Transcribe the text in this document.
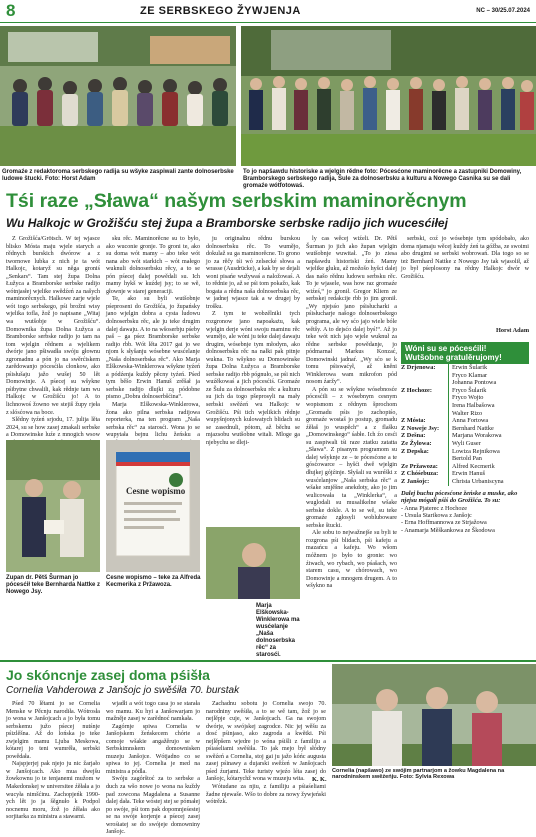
8	ZE SERBSKEGO ŽYWJENJA	NC – 30/25.07.2024
Gromaźe z redaktoroma serbskego radija su wšyke zaspiwali zante dolnoserbske ludowe štucki. Foto: Horst Adam
To jo napšawdu historiske a wjelgin rědne foto: Pócesćone maminorěcne a zastupniki Domowiny, Bramborskego serbskego radija, Šule za dolnoserbsku a kulturu a Nowego Casnika su se dali gromaźe wótfotowaś.
Tśi raze „Sława“ našym serbskim maminorěcnym
Wu Halkojc w Grožišću stej župa a Bramborske serbske radijo jich wucesćiłej

Z Grožišća/Grötsch. W tej wjasce blisko Mósta maju wjele starych a rědnych burskich dwórow a z twornowe lubka z nich je ta wót Halkojc, kotaryž su něga groniś „Senkars“. Tam stej župa Dolna Łužyca a Bramborske serbske radijo wótnjasłej wjelike swědźeń za našych maminorěcnych. Halkowe zarje wjele wót togo serbskego, pśi brožni wisy wjelika tofla, žož jo napisane „Witaj wa wutšobje w Grožišću“. Domownika župa Dolna Łužyca a Bramborske serbske radijo jo tam na tom wjelgin rědnem a wjelikem dwórje jano pšiwadła swóju głownu zgromadnu a pón jo na swěrćiskem zarědowanjo pócesćiła cłonkow, ako pśisłušaju jažo wušej 50 lět Domowinje. A pśecej su wšykne pśibytne chwalili, kak rědnje tam wu Halkojc w Grožišću jo! A to lichnowoś žowno we stejiš župy rjeła z slósćowa na boce.

Slědny tyźeń srjodu, 17. julija lěta 2024, su se how zasej zmakali serbske a Domowinske luźe z mnogich wsow

sku rěc. Maminorěcne su to było, ako wuconie gronje. To groni te, ako su doma wót mamy – abo teke wót nana abo wót starkich – wót małego wuknuli dolnoserbsku rěcy, a to se pón pśecej dalej powědali su. Ich mamy hykš w kuźdej jsy; to se wě, głownje w starej generaciji.

Te, ako su byli wutšobnje pśeproseni do Grožišća, jo župańsky jano wjelgin dobra a cysta ludowu dolnoserbsku rěc, ale ju teke drugim dalej dawaju. A to na wšoserbju pśeby paš – ga pśez Bramborske serbske radijo rbb. Wót lěta 2017 gai jo we njom k słyšanju wósebne wusćelanje „Naša dolnoserbska rěc“. Ako Marja Elškowska-Winklerowa wšykne tyźeń a pódźenja kuždy pěcny tyźeń. Pśed tym běšo Erwin Hanuš zrěšał ja serbske radijo dlujki zą pódobne pismo „Dobra dolnoserbšćina“.

Marja Elškowska-Winklerowa, žona ako pilna serbska radijowa reporterka, ma ten program „Naša serbska rěc“ za starosći. Wona jo se wupytała bejnu lichu žeńsku a

ju originalnu rědnu burskou dolnoserbsku rěc. To wumějo, dokulaž su ga maminorěcne. To grono jo za rěčy tśi wó zelsecké słowa a wrasse (Ausdrücke), a kak by se dejali woni pisańe wužywaś a naložowaś. A to rědnie jo, až se pśi tom pokažo, kak bogata a rědna naša dolnoserbska rěc, w jadnej wjasce tak a w drugej by trošku.

Z tym te wobzělniki tych rozgronow jano napoakażu, kak wjelgin derje wóni swoju maminu rěc wumějo, ale wóni ju teke dalej dawaju drugim, wósebnje tym młodym, ako dolnoserbsku rěc na nałki pak pitnje wukna. To wšykno su Domowinske župa Dolna Łužyca a Bramborske serbske radijo rbb pógnuło, se pśi nich wuźěkowaś a jich pócesćiś. Gromaźe ze Šulu za dolnoserbsku rěc a kulturu su jich da togo pšeprosyli na mały serbski swěźeń wu Halkojc w Grožišću. Pśi tich wjelikich rědnje wupyšnjonych kulowatych blidach su se zasednuli, pótom, až běchu se mjazsobu wutšobne witali. Mloge ga njebychu se dleji-

ly cas wěcej wiźeli. Dr. Pětš Šurman jo jich ako župan wjelgin wutšobnje wuwitał. „To jo ziesa napšawdu historiski źeń. Mamy wjelike gluku, až možošo hyšci dalej das našo rědnu ludowu serbsku rěc. To je wjasele, was how raz gromaźe wiźeś,“ jo gronił. Gregor Kliem ze serbskej redakcije rbb jo jim gronił. „Wy njejsśo jano pśisłucharki a pśisłucharje našogo dolnoserbskego programa, ale wy sćo jajo wiele bóle wětšy. A to dejsćo dalej byś!“. Až jo teke wót nich jajo wjele wuknuł za rědne serbske powědanje, jo pódmarnał Markus Konzać, Domowinski jadnaŕ. „Wy sćo se k tomu pśiswaćył, až kněni Winklerowa wam mikrofon pód nosom źaržy“.

A pón su se wšykne wósebnosće pócesćili – z wósebnym cesnym wopismom z rědnym šprochom „Gromadu pśis jo zachopiśo, gromaźe wostaš jo postup, gromadu źěłaš jo wuspěch“ a z flašku „Domowinskego“ śabłe. Ich źo cesći su zaspiwali tśi raze ztatku zatatta „Sława“. Z pisanym programom su dalej wšyknje ze – te pócesćone a te gósćowarce – hyšći dwě wjelgin dłujkej gójźinje. Słyšali su wuréški z wusćelanjow „Naša serbska rěc“ a wšake smjěšne anekdoty, ako jo jim wulicowała ta „Winklerka“, a wuglodali su musalikelne wšake serbske dokle. A to se wě, su teke gromaźe zgłosyli wobluboware serbske štucki.

Ale sobu to nejwažnejše su byli te rozgrona pśi blidach, pśi kafeju a mazańcu a kafeju. Wo wšom móžnem jo było to gronie: wo źiwach, wo rybach, wo pśašach, wo starem casu, w chórowach, wo Domowinje a mnogem drugem. A to wšykno na

serbski, coź jo wósebnje tym spódobało, ako doma njamaju wěcej kuždy źeń ta góžba, ze swoimi abo drugimi se serbski wobrowań. Dla togo so se też Bernhard Nattke z Nowego Jsy tak wjasolił, až jo był pśeplosony na rědny Halkojc dwór w Grožišću.

Horst Adam
Zupan dr. Pětš Šurman jo pócesćił teke Bernharda Nattke z Nowego Jsy.
Cesne wopismo
Cesne wopismo – teke za Alfreda Kecmerika z Pržawoza.
Marja Elškowska-Winklerowa ma wusćelanje „Naša dolnoserbska rěc“ za starosći.
Wóni su se pócesćili! Wutšobne gratulěrujomy!
Z Drjenowa:	Erwin Šularik
Fryco Klamar
Johanna Pontowa
Z Hochoze:	Fryco Šularik
Fryco Wojto
Irena Halbašowa
Walter Rizo
Z Mósta:	Anna Fortowa
Z Nowejе Jsy:	Bernhard Nattke
Z Dešna:	Marjana Worakowa
Ze Žylowa:	Wyli Guser
Z Depska:	Lowiza Rejnikowa
Bertold Pan
Ze Pržawoza:	Alfred Kecmerik
Z Chóśebuza:	Erwin Hanuš
Z Janšojc:	Christa Urbaniscyna
Dalej buchu pócesćone žeńske a muske, ako njejsu mógali pśiś do Grožišća. To su:
- Anna Pjaterec z Hochoze
- Ursula Starikowa z Janšojc
- Erna Hoffmannowa ze Strjažowa
- Anamarja Měškankowa ze Škodowa
Jo skóncnje zasej doma pśišła
Cornelia Vahderowa z Janšojc jo swěśiła 70. burstak

Pśed 70 lětami jo se Cornelia Menske w Pěcnju narodiła. Wótrosła jo wona w Janšojcach a jo była tomu serbskemu južo pśecej nutśnje pśizlěšna. Až do lońska jo teke zwjelgim mamu Ljuba Meskowa, kótarej jo teni wumrěła, serbski powědała.

Najspjerjej pak njejo ju nic žarjało w Janšojcach. Ako mua dwejšu žowkownu jo te tenjanemi mužom w Makedonskej w universitee źěłała a jo wucyła nimšćinu. Zachopjeńk 1990-ych lět jo ja šěgnuło k Podpol nocnemu moru, žož jo źěłała ako sorjitarka za ministra a stawarni.

wjadłi a wót togo casa jo se starała wo mamu. Ku hyi a Janšowarjam jo mažněje zasej w zarědnoć namkała.

Zagórnje spiwa Cornelia w Janšojskem žeńskecem chórie a comoje wšakie angažěrujo se w Serbskimnskem domownisken muzeju Janšojce. Wótjadno co se spiwa to jej. Cornelia je med na ministra a pódla.

Swóju zagórštoć za to serbske a duch za wšo nowe jo wona na kuždy pad zowcona Magdalena a Susanne dalej dała. Teke wóstej stej se pómałej po swóje, pśi tom pak dopomnjeśestej se na swóje korjenje a pśecej zasej wrośiatej se do swójeje domowniny Janšojc.

Zachadnu sobotu jo Cornelia swojo 70. narodniny swěśiła, a to se wě tam, žož jo se nejlěpje cuje, w Janšojcach. Ga na swojom dwórje, w swójskej zagrodce. Nic jej wěšu za dosć pśinjaso, ako zagroda a kwětki. Pśi nejlěpšem wjedre jo wóna pśišli z familiju a pśiaśeliami swěśiła. To jak mejo był słódny swěźeń a Cornelia, stoj gai ju jažo kóńc augusta zasej pśinawy a dujarski swěźeń w Janšojcach pśed źurjami. Teke turisty wjeźo léta zasej do Janšojc, kótarychž wona w muzeju wita.

Wótudane za njiu, z familiju a pśiaśeliami žadne njewaše. Wšo to dobre za nowy žywjeński wótrězk.

K. K.
Cornelia (napšawo) ze swójim partnarjom a žowku Magdalena na narodninskem swěźeńju. Foto: Sylvia Rexowa
